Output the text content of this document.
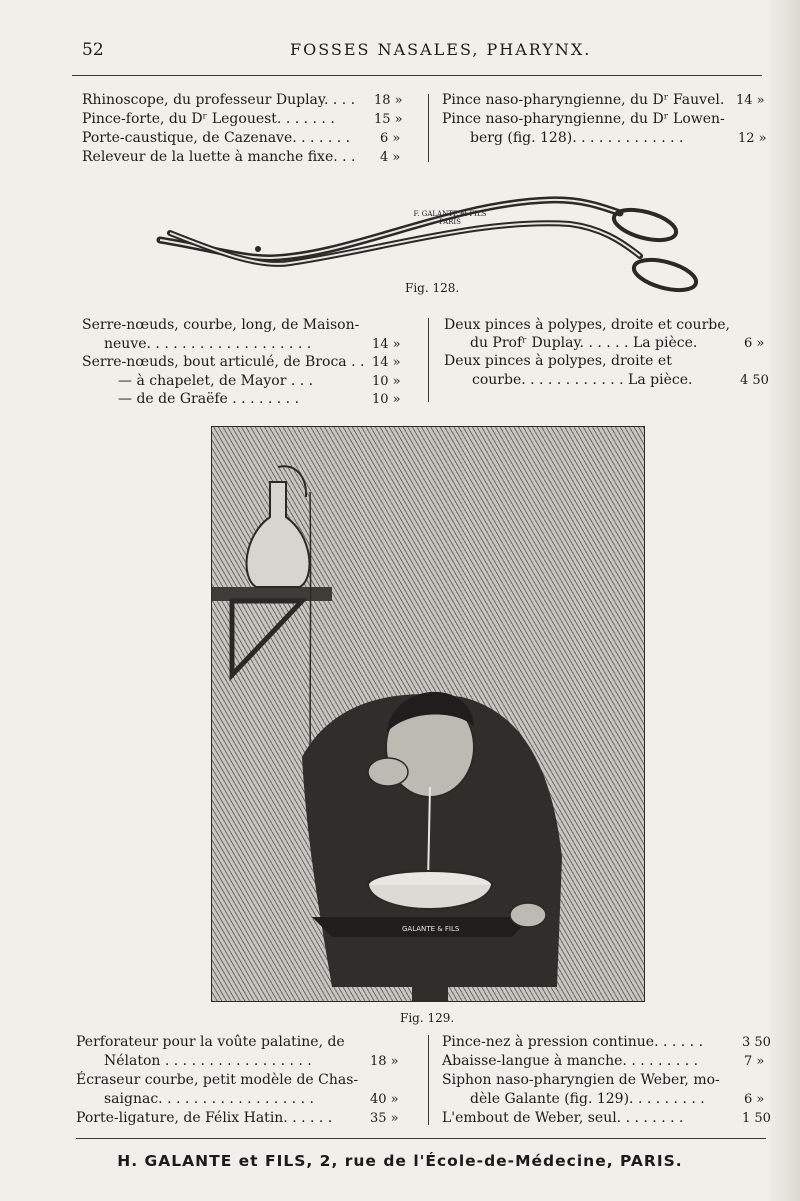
52	FOSSES NASALES, PHARYNX.
Rhinoscope, du professeur Duplay. . . . 18 »
Pince-forte, du Dʳ Legouest. . . . . . .	15 »
Porte-caustique, de Cazenave. . . . . . . 6 »
Releveur de la luette à manche fixe. . . 4 »
Pince naso-pharyngienne, du Dʳ Fauvel. 14 »
Pince naso-pharyngienne, du Dʳ Lowen-
berg (fig. 128). . . . . . . . . . . . .	12 »
F. GALANTE et FILS PARIS
Fig. 128.
Serre-nœuds, courbe, long, de Maison-
neuve. . . . . . . . . . . . . . . . . . .	14 »
Serre-nœuds, bout articulé, de Broca . . 14 »
— à chapelet, de Mayor . . .	10 »
— de de Graëfe . . . . . . . .	10 »
Deux pinces à polypes, droite et courbe,
du Profʳ Duplay. . . . . . La pièce.	6 »
Deux pinces à polypes, droite et
courbe. . . . . . . . . . . . La pièce.	4 50
GALANTE & FILS
Fig. 129.
Perforateur pour la voûte palatine, de
Nélaton . . . . . . . . . . . . . . . . .	18 »
Écraseur courbe, petit modèle de Chas-
saignac. . . . . . . . . . . . . . . . . .	40 »
Porte-ligature, de Félix Hatin. . . . . .	35 »
Pince-nez à pression continue. . . . . .	3 50
Abaisse-langue à manche. . . . . . . . .	7 »
Siphon naso-pharyngien de Weber, mo-
dèle Galante (fig. 129). . . . . . . . .	6 »
L'embout de Weber, seul. . . . . . . .	1 50
H. GALANTE et FILS, 2, rue de l'École-de-Médecine, PARIS.
